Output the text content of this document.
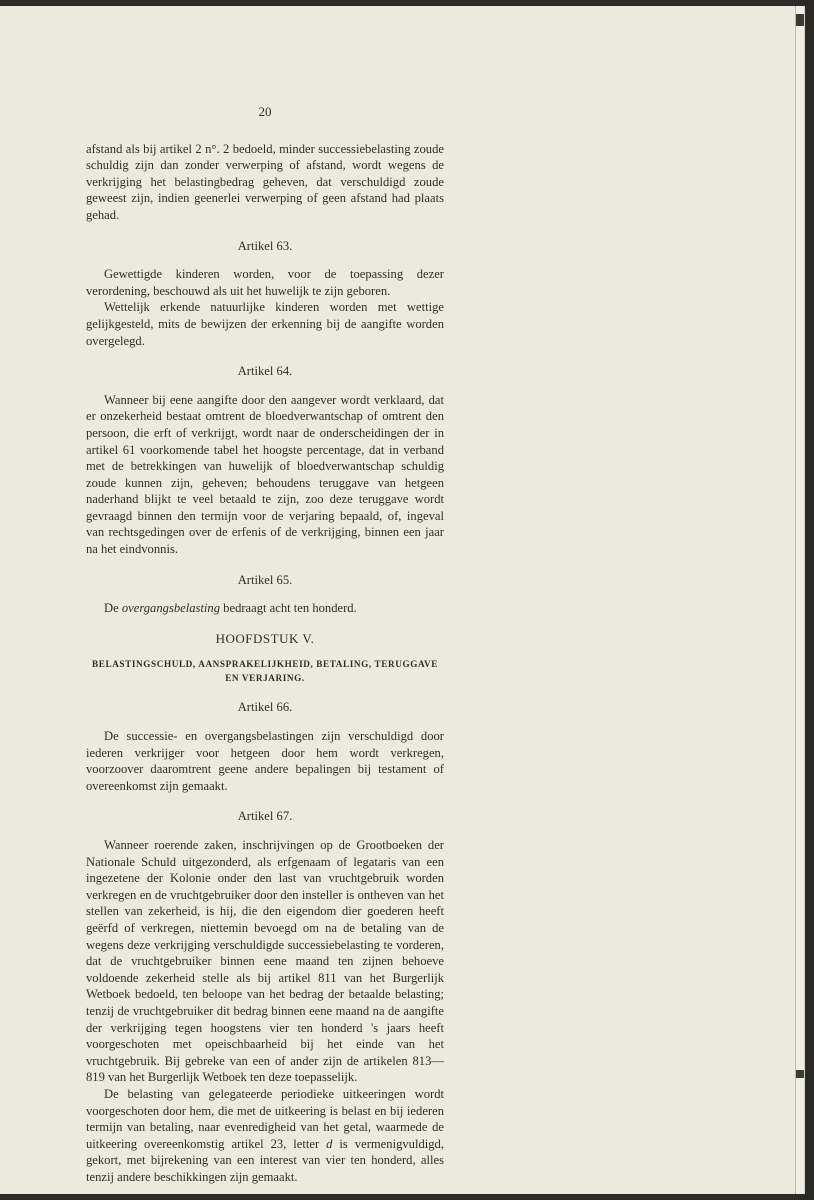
20

afstand als bij artikel 2 n°. 2 bedoeld, minder successiebelasting zoude schuldig zijn dan zonder verwerping of afstand, wordt wegens de verkrijging het belastingbedrag geheven, dat verschuldigd zoude geweest zijn, indien geenerlei verwerping of geen afstand had plaats gehad.

Artikel 63.

Gewettigde kinderen worden, voor de toepassing dezer verordening, beschouwd als uit het huwelijk te zijn geboren.

Wettelijk erkende natuurlijke kinderen worden met wettige gelijkgesteld, mits de bewijzen der erkenning bij de aangifte worden overgelegd.

Artikel 64.

Wanneer bij eene aangifte door den aangever wordt verklaard, dat er onzekerheid bestaat omtrent de bloedverwantschap of omtrent den persoon, die erft of verkrijgt, wordt naar de onderscheidingen der in artikel 61 voorkomende tabel het hoogste percentage, dat in verband met de betrekkingen van huwelijk of bloedverwantschap schuldig zoude kunnen zijn, geheven; behoudens teruggave van hetgeen naderhand blijkt te veel betaald te zijn, zoo deze teruggave wordt gevraagd binnen den termijn voor de verjaring bepaald, of, ingeval van rechtsgedingen over de erfenis of de verkrijging, binnen een jaar na het eindvonnis.

Artikel 65.

De overgangsbelasting bedraagt acht ten honderd.

HOOFDSTUK V.
BELASTINGSCHULD, AANSPRAKELIJKHEID, BETALING, TERUGGAVE
EN VERJARING.
Artikel 66.

De successie- en overgangsbelastingen zijn verschuldigd door iederen verkrijger voor hetgeen door hem wordt verkregen, voorzoover daaromtrent geene andere bepalingen bij testament of overeenkomst zijn gemaakt.

Artikel 67.

Wanneer roerende zaken, inschrijvingen op de Grootboeken der Nationale Schuld uitgezonderd, als erfgenaam of legataris van een ingezetene der Kolonie onder den last van vruchtgebruik worden verkregen en de vruchtgebruiker door den insteller is ontheven van het stellen van zekerheid, is hij, die den eigendom dier goederen heeft geërfd of verkregen, niettemin bevoegd om na de betaling van de wegens deze verkrijging verschuldigde successiebelasting te vorderen, dat de vruchtgebruiker binnen eene maand ten zijnen behoeve voldoende zekerheid stelle als bij artikel 811 van het Burgerlijk Wetboek bedoeld, ten beloope van het bedrag der betaalde belasting; tenzij de vruchtgebruiker dit bedrag binnen eene maand na de aangifte der verkrijging tegen hoogstens vier ten honderd 's jaars heeft voorgeschoten met opeischbaarheid bij het einde van het vruchtgebruik. Bij gebreke van een of ander zijn de artikelen 813—819 van het Burgerlijk Wetboek ten deze toepasselijk.

De belasting van gelegateerde periodieke uitkeeringen wordt voorgeschoten door hem, die met de uitkeering is belast en bij iederen termijn van betaling, naar evenredigheid van het getal, waarmede de uitkeering overeenkomstig artikel 23, letter d is vermenigvuldigd, gekort, met bijrekening van een interest van vier ten honderd, alles tenzij andere beschikkingen zijn gemaakt.
